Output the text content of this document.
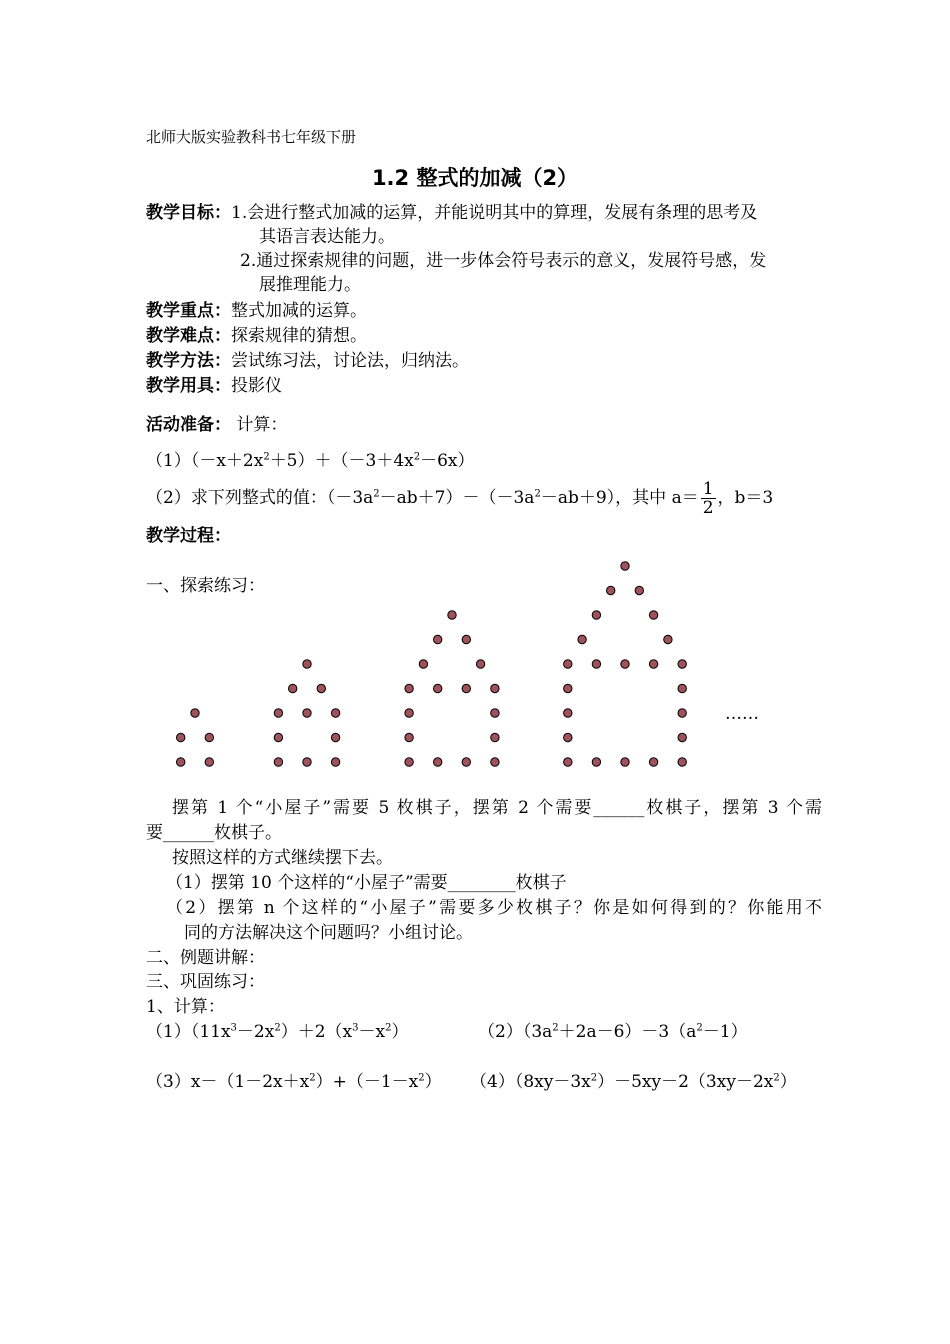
北师大版实验教科书七年级下册
1.2 整式的加减（2）
教学目标：1.会进行整式加减的运算，并能说明其中的算理，发展有条理的思考及
其语言表达能力。
2.通过探索规律的问题，进一步体会符号表示的意义，发展符号感，发
展推理能力。
教学重点：整式加减的运算。
教学难点：探索规律的猜想。
教学方法：尝试练习法，讨论法，归纳法。
教学用具：投影仪
活动准备： 计算：
$(1)(-x+2x^2+5)+(-3+4x^2-6x)$
（2）求下列整式的值：$(-3a^2-ab+7)-(-3a^2-ab+9)$，其中 $a= \frac{1}{2}$ ，b＝3
教学过程：
一、探索练习：
……
摆第 1 个“小屋子”需要 5 枚棋子，摆第 2 个需要______枚棋子，摆第 3 个需
要______枚棋子。
按照这样的方式继续摆下去。
（1）摆第 10 个这样的“小屋子”需要________枚棋子
（2）摆第 n 个这样的“小屋子”需要多少枚棋子？你是如何得到的？你能用不
同的方法解决这个问题吗？小组讨论。
二、例题讲解：
三、巩固练习：
1、计算：
$(1)(11x^3-2x^2)+2(x^3-x^2)$	$(2)(3a^2+2a-6)-3(a^2-1)$
$(3)x-(1-2x+x^2)+(-1-x^2)$ $(4)(8xy-3x^2)-5xy-2(3xy-2x^2)$
